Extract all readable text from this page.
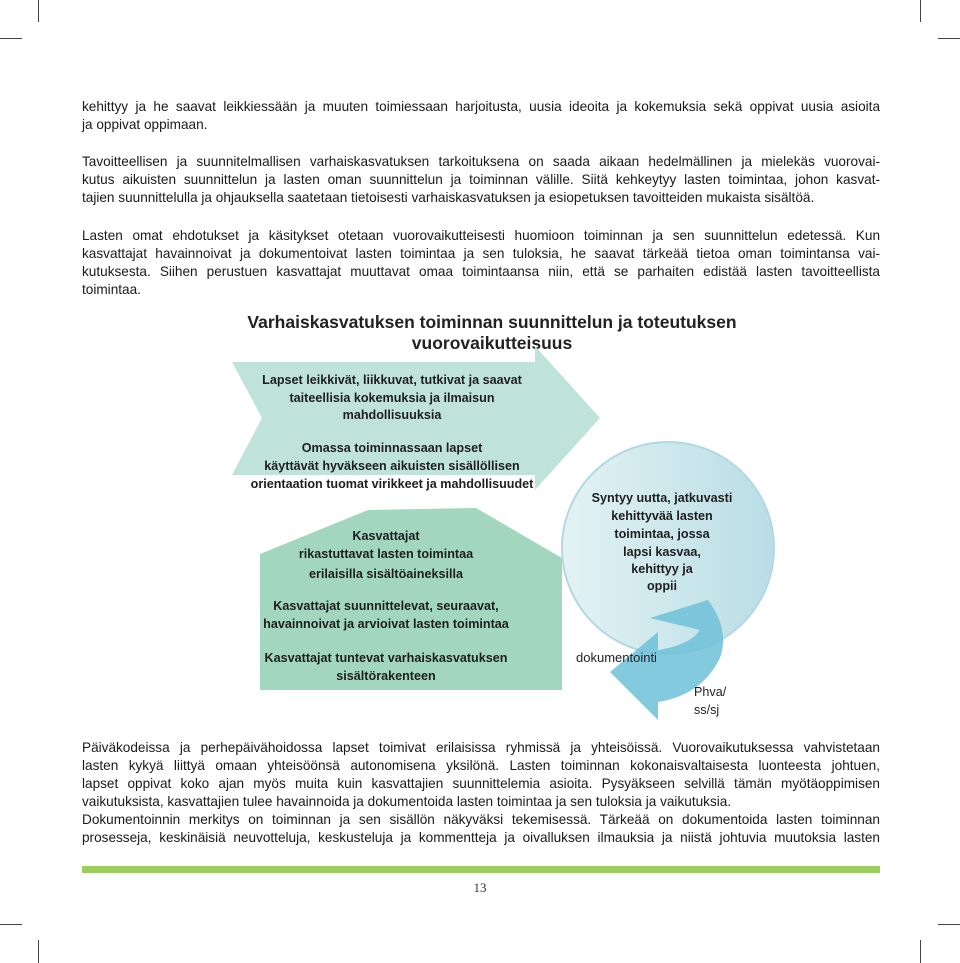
kehittyy ja he saavat leikkiessään ja muuten toimiessaan harjoitusta, uusia ideoita ja kokemuksia sekä oppivat uusia asioita
ja oppivat oppimaan.

Tavoitteellisen ja suunnitelmallisen varhaiskasvatuksen tarkoituksena on saada aikaan hedelmällinen ja mielekäs vuorovai-
kutus aikuisten suunnittelun ja lasten oman suunnittelun ja toiminnan välille. Siitä kehkeytyy lasten toimintaa, johon kasvat-
tajien suunnittelulla ja ohjauksella saatetaan tietoisesti varhaiskasvatuksen ja esiopetuksen tavoitteiden mukaista sisältöä.

Lasten omat ehdotukset ja käsitykset otetaan vuorovaikutteisesti huomioon toiminnan ja sen suunnittelun edetessä. Kun
kasvattajat havainnoivat ja dokumentoivat lasten toimintaa ja sen tuloksia, he saavat tärkeää tietoa oman toimintansa vai-
kutuksesta. Siihen perustuen kasvattajat muuttavat omaa toimintaansa niin, että se parhaiten edistää lasten tavoitteellista
toimintaa.

Varhaiskasvatuksen toiminnan suunnittelun ja toteutuksen
vuorovaikutteisuus
Lapset leikkivät, liikkuvat, tutkivat ja saavat
taiteellisia kokemuksia ja ilmaisun
mahdollisuuksia
Omassa toiminnassaan lapset
käyttävät hyväkseen aikuisten sisällöllisen
orientaation tuomat virikkeet ja mahdollisuudet
Kasvattajat
rikastuttavat lasten toimintaa
erilaisilla sisältöaineksilla
Kasvattajat suunnittelevat, seuraavat,
havainnoivat ja arvioivat lasten toimintaa
Kasvattajat tuntevat varhaiskasvatuksen
sisältörakenteen
Syntyy uutta, jatkuvasti
kehittyvää lasten
toimintaa, jossa
lapsi kasvaa,
kehittyy ja
oppii
dokumentointi
Phva/
ss/sj

Päiväkodeissa ja perhepäivähoidossa lapset toimivat erilaisissa ryhmissä ja yhteisöissä. Vuorovaikutuksessa vahvistetaan
lasten kykyä liittyä omaan yhteisöönsä autonomisena yksilönä. Lasten toiminnan kokonaisvaltaisesta luonteesta johtuen,
lapset oppivat koko ajan myös muita kuin kasvattajien suunnittelemia asioita. Pysyäkseen selvillä tämän myötäoppimisen
vaikutuksista, kasvattajien tulee havainnoida ja dokumentoida lasten toimintaa ja sen tuloksia ja vaikutuksia.
Dokumentoinnin merkitys on toiminnan ja sen sisällön näkyväksi tekemisessä. Tärkeää on dokumentoida lasten toiminnan
prosesseja, keskinäisiä neuvotteluja, keskusteluja ja kommentteja ja oivalluksen ilmauksia ja niistä johtuvia muutoksia lasten

13
